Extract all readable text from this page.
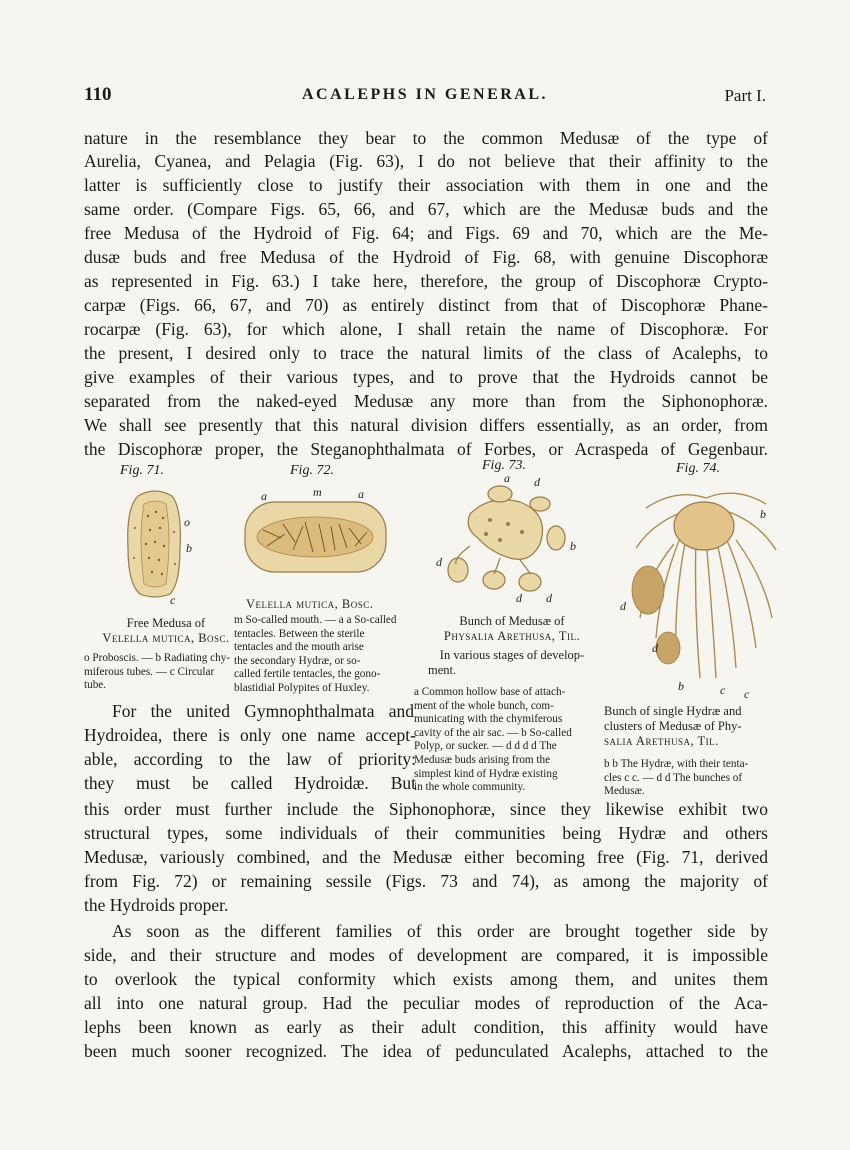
110	ACALEPHS IN GENERAL.	Part I.
nature in the resemblance they bear to the common Medusæ of the type of
Aurelia, Cyanea, and Pelagia (Fig. 63), I do not believe that their affinity to the
latter is sufficiently close to justify their association with them in one and the
same order. (Compare Figs. 65, 66, and 67, which are the Medusæ buds and the
free Medusa of the Hydroid of Fig. 64; and Figs. 69 and 70, which are the Me-
dusæ buds and free Medusa of the Hydroid of Fig. 68, with genuine Discophoræ
as represented in Fig. 63.) I take here, therefore, the group of Discophoræ Crypto-
carpæ (Figs. 66, 67, and 70) as entirely distinct from that of Discophoræ Phane-
rocarpæ (Fig. 63), for which alone, I shall retain the name of Discophoræ. For
the present, I desired only to trace the natural limits of the class of Acalephs, to
give examples of their various types, and to prove that the Hydroids cannot be
separated from the naked-eyed Medusæ any more than from the Siphonophoræ.
We shall see presently that this natural division differs essentially, as an order, from
the Discophoræ proper, the Steganophthalmata of Forbes, or Acraspeda of Gegenbaur.
Fig. 71.	Fig. 72.	Fig. 73.	Fig. 74.
o
b
c
a	m	a
a d
b
d
d d
b
d
d
b	c c
Free Medusa of
Velella mutica, Bosc.
o Proboscis. — b Radiating chy-
miferous tubes. — c Circular
tube.
Velella mutica, Bosc.
m So-called mouth. — a a So-called
tentacles. Between the sterile
tentacles and the mouth arise
the secondary Hydræ, or so-
called fertile tentacles, the gono-
blastidial Polypites of Huxley.
Bunch of Medusæ of
Physalia Arethusa, Til.
In various stages of develop-
ment.
a Common hollow base of attach-
ment of the whole bunch, com-
municating with the chymiferous
cavity of the air sac. — b So-called
Polyp, or sucker. — d d d d The
Medusæ buds arising from the
simplest kind of Hydræ existing
in the whole community.
Bunch of single Hydræ and
clusters of Medusæ of Phy-
salia Arethusa, Til.
b b The Hydræ, with their tenta-
cles c c. — d d The bunches of
Medusæ.
For the united Gymnophthalmata and
Hydroidea, there is only one name accept-
able, according to the law of priority:
they must be called Hydroidæ. But
this order must further include the Siphonophoræ, since they likewise exhibit two
structural types, some individuals of their communities being Hydræ and others
Medusæ, variously combined, and the Medusæ either becoming free (Fig. 71, derived
from Fig. 72) or remaining sessile (Figs. 73 and 74), as among the majority of
the Hydroids proper.
As soon as the different families of this order are brought together side by
side, and their structure and modes of development are compared, it is impossible
to overlook the typical conformity which exists among them, and unites them
all into one natural group. Had the peculiar modes of reproduction of the Aca-
lephs been known as early as their adult condition, this affinity would have
been much sooner recognized. The idea of pedunculated Acalephs, attached to the
